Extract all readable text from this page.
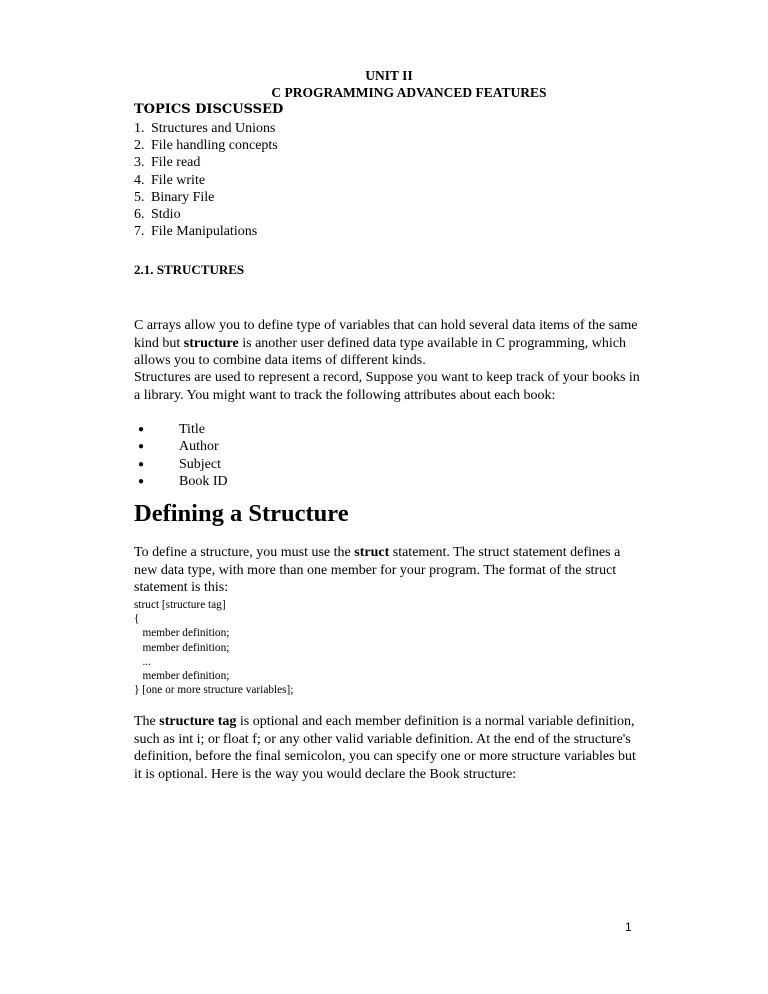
UNIT II
C PROGRAMMING ADVANCED FEATURES

TOPICS DISCUSSED

1. Structures and Unions
2. File handling concepts
3. File read
4. File write
5. Binary File
6. Stdio
7. File Manipulations

2.1. STRUCTURES

C arrays allow you to define type of variables that can hold several data items of the same kind but structure is another user defined data type available in C programming, which allows you to combine data items of different kinds.

Structures are used to represent a record, Suppose you want to keep track of your books in a library. You might want to track the following attributes about each book:

● Title
● Author
● Subject
● Book ID
Defining a Structure

To define a structure, you must use the struct statement. The struct statement defines a new data type, with more than one member for your program. The format of the struct statement is this:

struct [structure tag]
{
member definition;
member definition;
...
member definition;
} [one or more structure variables];

The structure tag is optional and each member definition is a normal variable definition, such as int i; or float f; or any other valid variable definition. At the end of the structure's definition, before the final semicolon, you can specify one or more structure variables but it is optional. Here is the way you would declare the Book structure:

1
